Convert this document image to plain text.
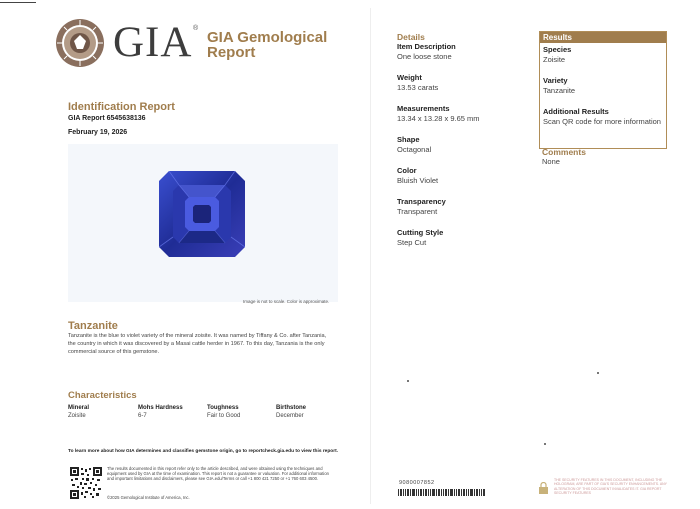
GIA ®
GIA Gemological
Report
Identification Report
GIA Report 6545638136
February 19, 2026
Image is not to scale. Color is approximate.
Tanzanite
Tanzanite is the blue to violet variety of the mineral zoisite. It was named by Tiffany & Co. after Tanzania, the country in which it was discovered by a Masai cattle herder in 1967. To this day, Tanzania is the only commercial source of this gemstone.
Characteristics
Mineral
Zoisite
Mohs Hardness
6-7
Toughness
Fair to Good
Birthstone
December
To learn more about how GIA determines and classifies gemstone origin, go to reportcheck.gia.edu to view this report.
The results documented in this report refer only to the article described, and were obtained using the techniques and equipment used by GIA at the time of examination. This report is not a guarantee or valuation. For additional information and important limitations and disclaimers, please see GIA.edu/Terms or call +1 800 421 7250 or +1 760 603 4500.
©2025 Gemological Institute of America, Inc.
Details
Item Description
One loose stone
Weight
13.53 carats
Measurements
13.34 x 13.28 x 9.65 mm
Shape
Octagonal
Color
Bluish Violet
Transparency
Transparent
Cutting Style
Step Cut
Results
Species
Zoisite
Variety
Tanzanite
Additional Results
Scan QR code for more information
Comments
None
9080007852	THE SECURITY FEATURES IN THIS DOCUMENT, INCLUDING THE HOLOGRAM, ARE PART OF GIA'S SECURITY ENHANCEMENTS. ANY ALTERATION OF THIS DOCUMENT INVALIDATES IT. GIA REPORT SECURITY FEATURES
